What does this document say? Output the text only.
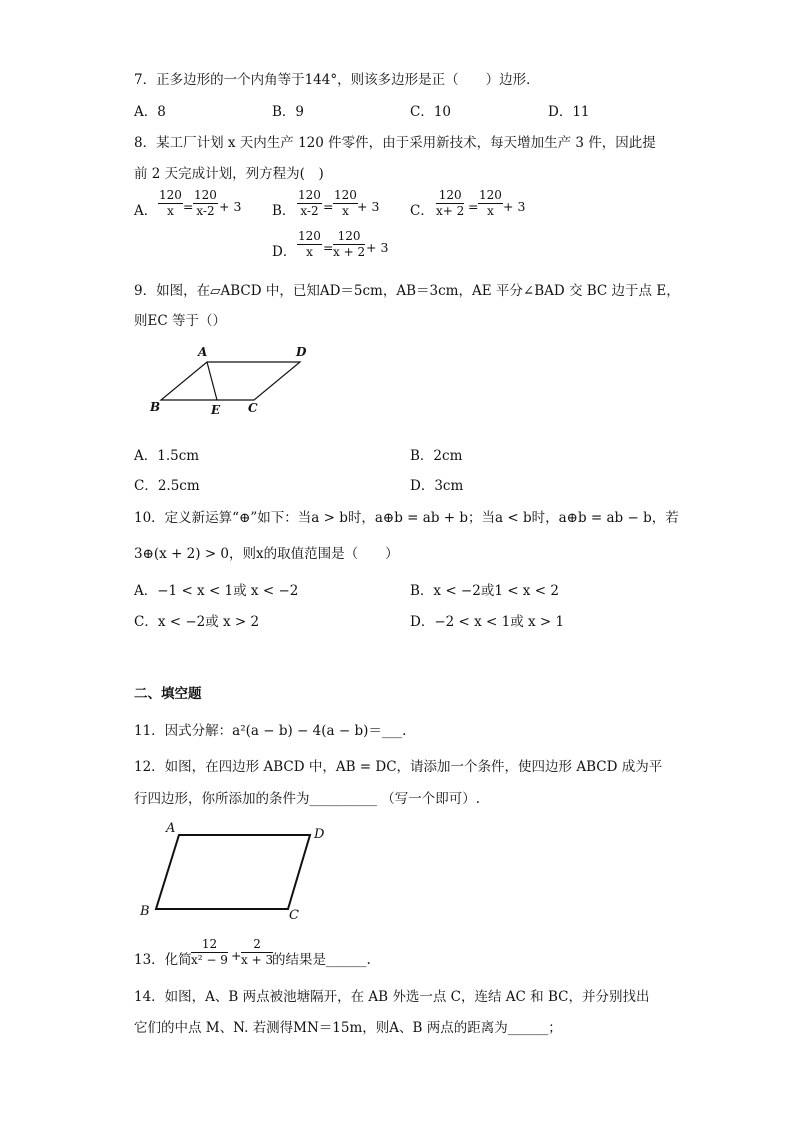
7．正多边形的一个内角等于144°，则该多边形是正（　　）边形．
A．8	B．9	C．10	D．11
8．某工厂计划 x 天内生产 120 件零件，由于采用新技术，每天增加生产 3 件，因此提
前 2 天完成计划，列方程为(　)
A． $\frac{120}{x} = \frac{120}{x-2} + 3$ B． $\frac{120}{x-2} = \frac{120}{x} + 3$ C． $\frac{120}{x+ 2} = \frac{120}{x} + 3$
D． $\frac{120}{x} = \frac{120}{x + 2} + 3$
9．如图，在▱ABCD 中，已知AD＝5cm，AB＝3cm，AE 平分∠BAD 交 BC 边于点 E，
则EC 等于（）
A	D
B	E C
A．1.5cm	B．2cm
C．2.5cm	D．3cm
10．定义新运算“⊕”如下：当a > b时，a⊕b = ab + b；当a < b时，a⊕b = ab − b，若
3⊕(x + 2) > 0，则x的取值范围是（　　）
A．−1 < x < 1或 x < −2	B．x < −2或1 < x < 2
C．x < −2或 x > 2	D．−2 < x < 1或 x > 1
二、填空题
11．因式分解：a²(a − b) − 4(a − b)＝___.
12．如图，在四边形 ABCD 中，AB = DC，请添加一个条件，使四边形 ABCD 成为平
行四边形，你所添加的条件为__________ （写一个即可）.
A	D
B	C
13．化简 $\frac{12}{\text{x² − 9}} + \frac{2}{x + 3}$
的结果是______.
14．如图，A、B 两点被池塘隔开，在 AB 外选一点 C，连结 AC 和 BC，并分别找出
它们的中点 M、N. 若测得MN＝15m，则A、B 两点的距离为______；
